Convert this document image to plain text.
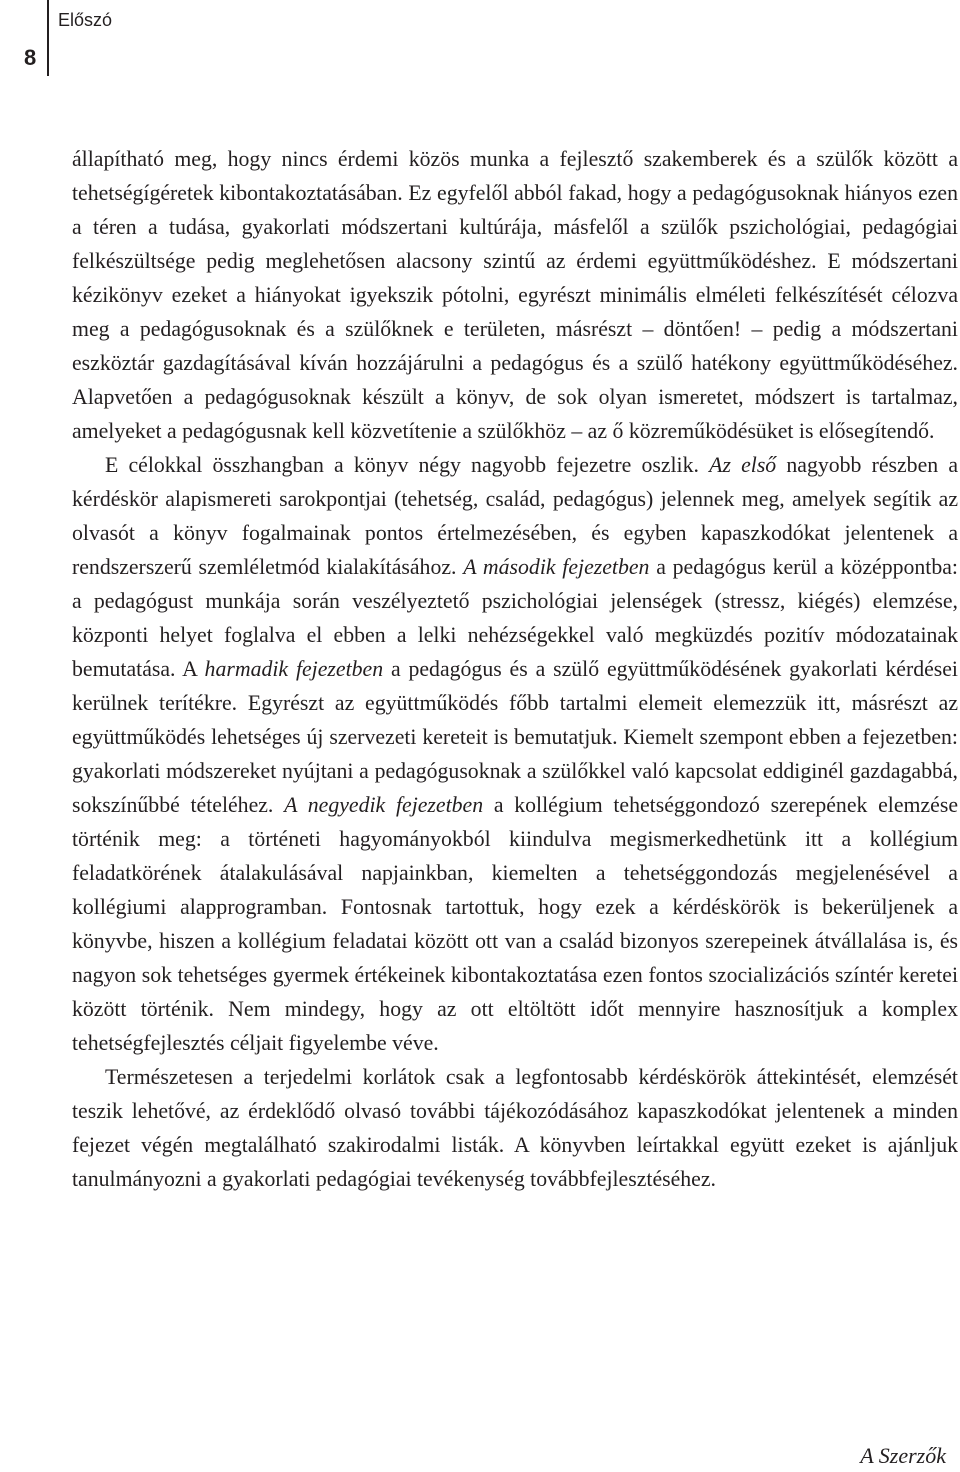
Előszó
8

állapítható meg, hogy nincs érdemi közös munka a fejlesztő szakemberek és a szülők között a tehetségígéretek kibontakoztatásában. Ez egyfelől abból fakad, hogy a pedagógusoknak hiányos ezen a téren a tudása, gyakorlati módszertani kultúrája, másfelől a szülők pszichológiai, pedagógiai felkészültsége pedig meglehetősen alacsony szintű az érdemi együttműködéshez. E módszertani kézikönyv ezeket a hiányokat igyekszik pótolni, egyrészt minimális elméleti felkészítését célozva meg a pedagógusoknak és a szülőknek e területen, másrészt – döntően! – pedig a módszertani eszköztár gazdagításával kíván hozzájárulni a pedagógus és a szülő hatékony együttműködéséhez. Alapvetően a pedagógusoknak készült a könyv, de sok olyan ismeretet, módszert is tartalmaz, amelyeket a pedagógusnak kell közvetítenie a szülőkhöz – az ő közreműködésüket is elősegítendő.

E célokkal összhangban a könyv négy nagyobb fejezetre oszlik. Az első nagyobb részben a kérdéskör alapismereti sarokpontjai (tehetség, család, pedagógus) jelennek meg, amelyek segítik az olvasót a könyv fogalmainak pontos értelmezésében, és egyben kapaszkodókat jelentenek a rendszerszerű szemléletmód kialakításához. A második fejezetben a pedagógus kerül a középpontba: a pedagógust munkája során veszélyeztető pszichológiai jelenségek (stressz, kiégés) elemzése, központi helyet foglalva el ebben a lelki nehézségekkel való megküzdés pozitív módozatainak bemutatása. A harmadik fejezetben a pedagógus és a szülő együttműködésének gyakorlati kérdései kerülnek terítékre. Egyrészt az együttműködés főbb tartalmi elemeit elemezzük itt, másrészt az együttműködés lehetséges új szervezeti kereteit is bemutatjuk. Kiemelt szempont ebben a fejezetben: gyakorlati módszereket nyújtani a pedagógusoknak a szülőkkel való kapcsolat eddiginél gazdagabbá, sokszínűbbé tételéhez. A negyedik fejezetben a kollégium tehetséggondozó szerepének elemzése történik meg: a történeti hagyományokból kiindulva megismerkedhetünk itt a kollégium feladatkörének átalakulásával napjainkban, kiemelten a tehetséggondozás megjelenésével a kollégiumi alapprogramban. Fontosnak tartottuk, hogy ezek a kérdéskörök is bekerüljenek a könyvbe, hiszen a kollégium feladatai között ott van a család bizonyos szerepeinek átvállalása is, és nagyon sok tehetséges gyermek értékeinek kibontakoztatása ezen fontos szocializációs színtér keretei között történik. Nem mindegy, hogy az ott eltöltött időt mennyire hasznosítjuk a komplex tehetségfejlesztés céljait figyelembe véve.

Természetesen a terjedelmi korlátok csak a legfontosabb kérdéskörök áttekintését, elemzését teszik lehetővé, az érdeklődő olvasó további tájékozódásához kapaszkodókat jelentenek a minden fejezet végén megtalálható szakirodalmi listák. A könyvben leírtakkal együtt ezeket is ajánljuk tanulmányozni a gyakorlati pedagógiai tevékenység továbbfejlesztéséhez.

A Szerzők
